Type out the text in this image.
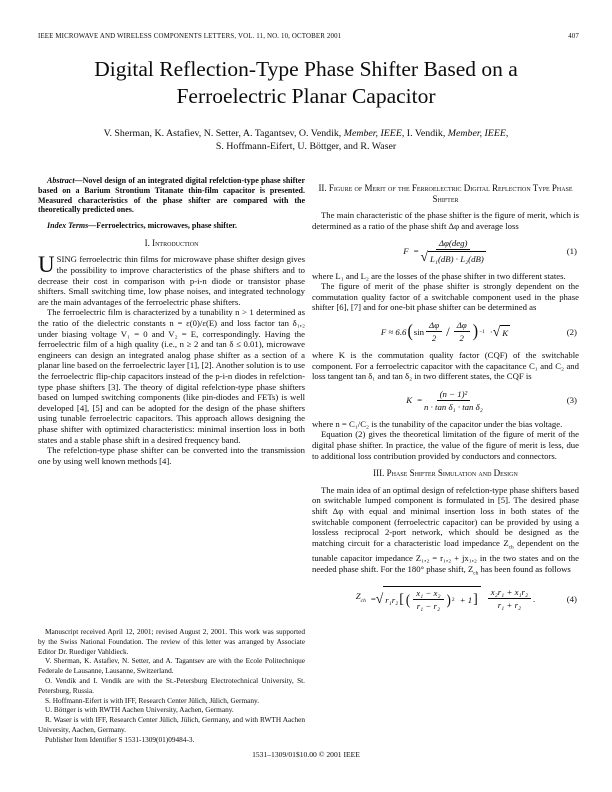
IEEE MICROWAVE AND WIRELESS COMPONENTS LETTERS, VOL. 11, NO. 10, OCTOBER 2001	407
Digital Reflection-Type Phase Shifter Based on a
Ferroelectric Planar Capacitor
V. Sherman, K. Astafiev, N. Setter, A. Tagantsev, O. Vendik, Member, IEEE, I. Vendik, Member, IEEE,
S. Hoffmann-Eifert, U. Böttger, and R. Waser

Abstract—Novel design of an integrated digital refelction-type phase shifter based on a Barium Strontium Titanate thin-film capacitor is presented. Measured characteristics of the phase shifter are compared with the theoretically predicted ones.

Index Terms—Ferroelectrics, microwaves, phase shifter.

I. Introduction

USING ferroelectric thin films for microwave phase shifter design gives the possibility to improve characteristics of the phase shifters and to decrease their cost in comparison with p-i-n diode or transistor phase shifters. Small switching time, low phase noises, and integrated technology are the main advantages of the ferroelectric phase shifters.

The ferroelectric film is characterized by a tunability n > 1 determined as the ratio of the dielectric constants n = ε(0)/ε(E) and loss factor tan δ₁,₂ under biasing voltage V₁ = 0 and V₂ = E, correspondingly. Having the ferroelectric film of a high quality (i.e., n ≥ 2 and tan δ ≤ 0.01), microwave engineers can design an integrated analog phase shifter as a section of a planar line based on the ferroelectric layer [1], [2]. Another solution is to use the ferroelectric flip-chip capacitors instead of the p-i-n diodes in refelction-type phase shifters [3]. The theory of digital refelction-type phase shifters based on lumped switching components (like pin-diodes and FETs) is well developed [4], [5] and can be adopted for the design of the phase shifters using tunable ferroelectric capacitors. This approach allows designing the phase shifter with optimized characteristics: minimal insertion loss in both states and a stable phase shift in a desired frequency band.

The refelction-type phase shifter can be converted into the transmission one by using well known methods [4].

Manuscript received April 12, 2001; revised August 2, 2001. This work was supported by the Swiss National Foundation. The review of this letter was arranged by Associate Editor Dr. Ruediger Vahldieck.

V. Sherman, K. Astafiev, N. Setter, and A. Tagantsev are with the Ecole Politechnique Federale de Lausanne, Lausanne, Switzerland.

O. Vendik and I. Vendik are with the St.-Petersburg Electrotechnical University, St. Petersburg, Russia.

S. Hoffmann-Eifert is with IFF, Research Center Jülich, Jülich, Germany.

U. Böttger is with RWTH Aachen University, Aachen, Germany.

R. Waser is with IFF, Research Center Jülich, Jülich, Germany, and with RWTH Aachen University, Aachen, Germany.

Publisher Item Identifier S 1531-1309(01)09484-3.

II. Figure of Merit of the Ferroelectric Digital Reflection Type Phase Shifter

The main characteristic of the phase shifter is the figure of merit, which is determined as a ratio of the phase shift Δφ and average loss

$F = \frac{\text{Δφ(deg)}}{\text{√ L₁(dB) · L₂(dB)}}$	(1)

where L₁ and L₂ are the losses of the phase shifter in two different states.

The figure of merit of the phase shifter is strongly dependent on the commutation quality factor of a switchable component used in the phase shifter [6], [7] and for one-bit phase shifter can be determined as

F ≈ 6.6 ( $\sin \frac{\Delta\varphi}{2} / \frac{\Delta\varphi}{2}$ ) −1 · √ K	(2)

where K is the commutation quality factor (CQF) of the switchable component. For a ferroelectric capacitor with the capacitance C₁ and C₂ and loss tangent tan δ₁ and tan δ₂ in two different states, the CQF is

$K = \frac{\text{(n − 1)²}}{\text{n · tan δ₁ · tan δ₂}}$	(3)

where n = C₁/C₂ is the tunability of the capacitor under the bias voltage.

Equation (2) gives the theoretical limitation of the figure of merit of the digital phase shifter. In practice, the value of the figure of merit is less, due to additional loss contribution provided by conductors and connectors.

III. Phase Shifter Simulation and Design

The main idea of an optimal design of refelction-type phase shifters based on switchable lumped component is formulated in [5]. The desired phase shift Δφ with equal and minimal insertion loss in both states of the switchable component (ferroelectric capacitor) can be provided by using a lossless reciprocal 2-port network, which should be designed as the matching circuit for a characteristic load impedance $Z_{ch}$ dependent on the tunable capacitor impedance Z₁,₂ = r₁,₂ + jx₁,₂ in the two states and on the needed phase shift. For the 180° phase shift, $Z_{ch}$ has been found as follows

$Z_{ch}$ = √ r₁r₂ [ ( $\frac{\text{x₁ − x₂}}{\text{r₁ − r₂}}$ ) 2 + 1 ] $\frac{\text{x₂r₁ + x₁r₂}}{\text{r₁ + r₂}}$ .	(4)
1531–1309/01$10.00 © 2001 IEEE
